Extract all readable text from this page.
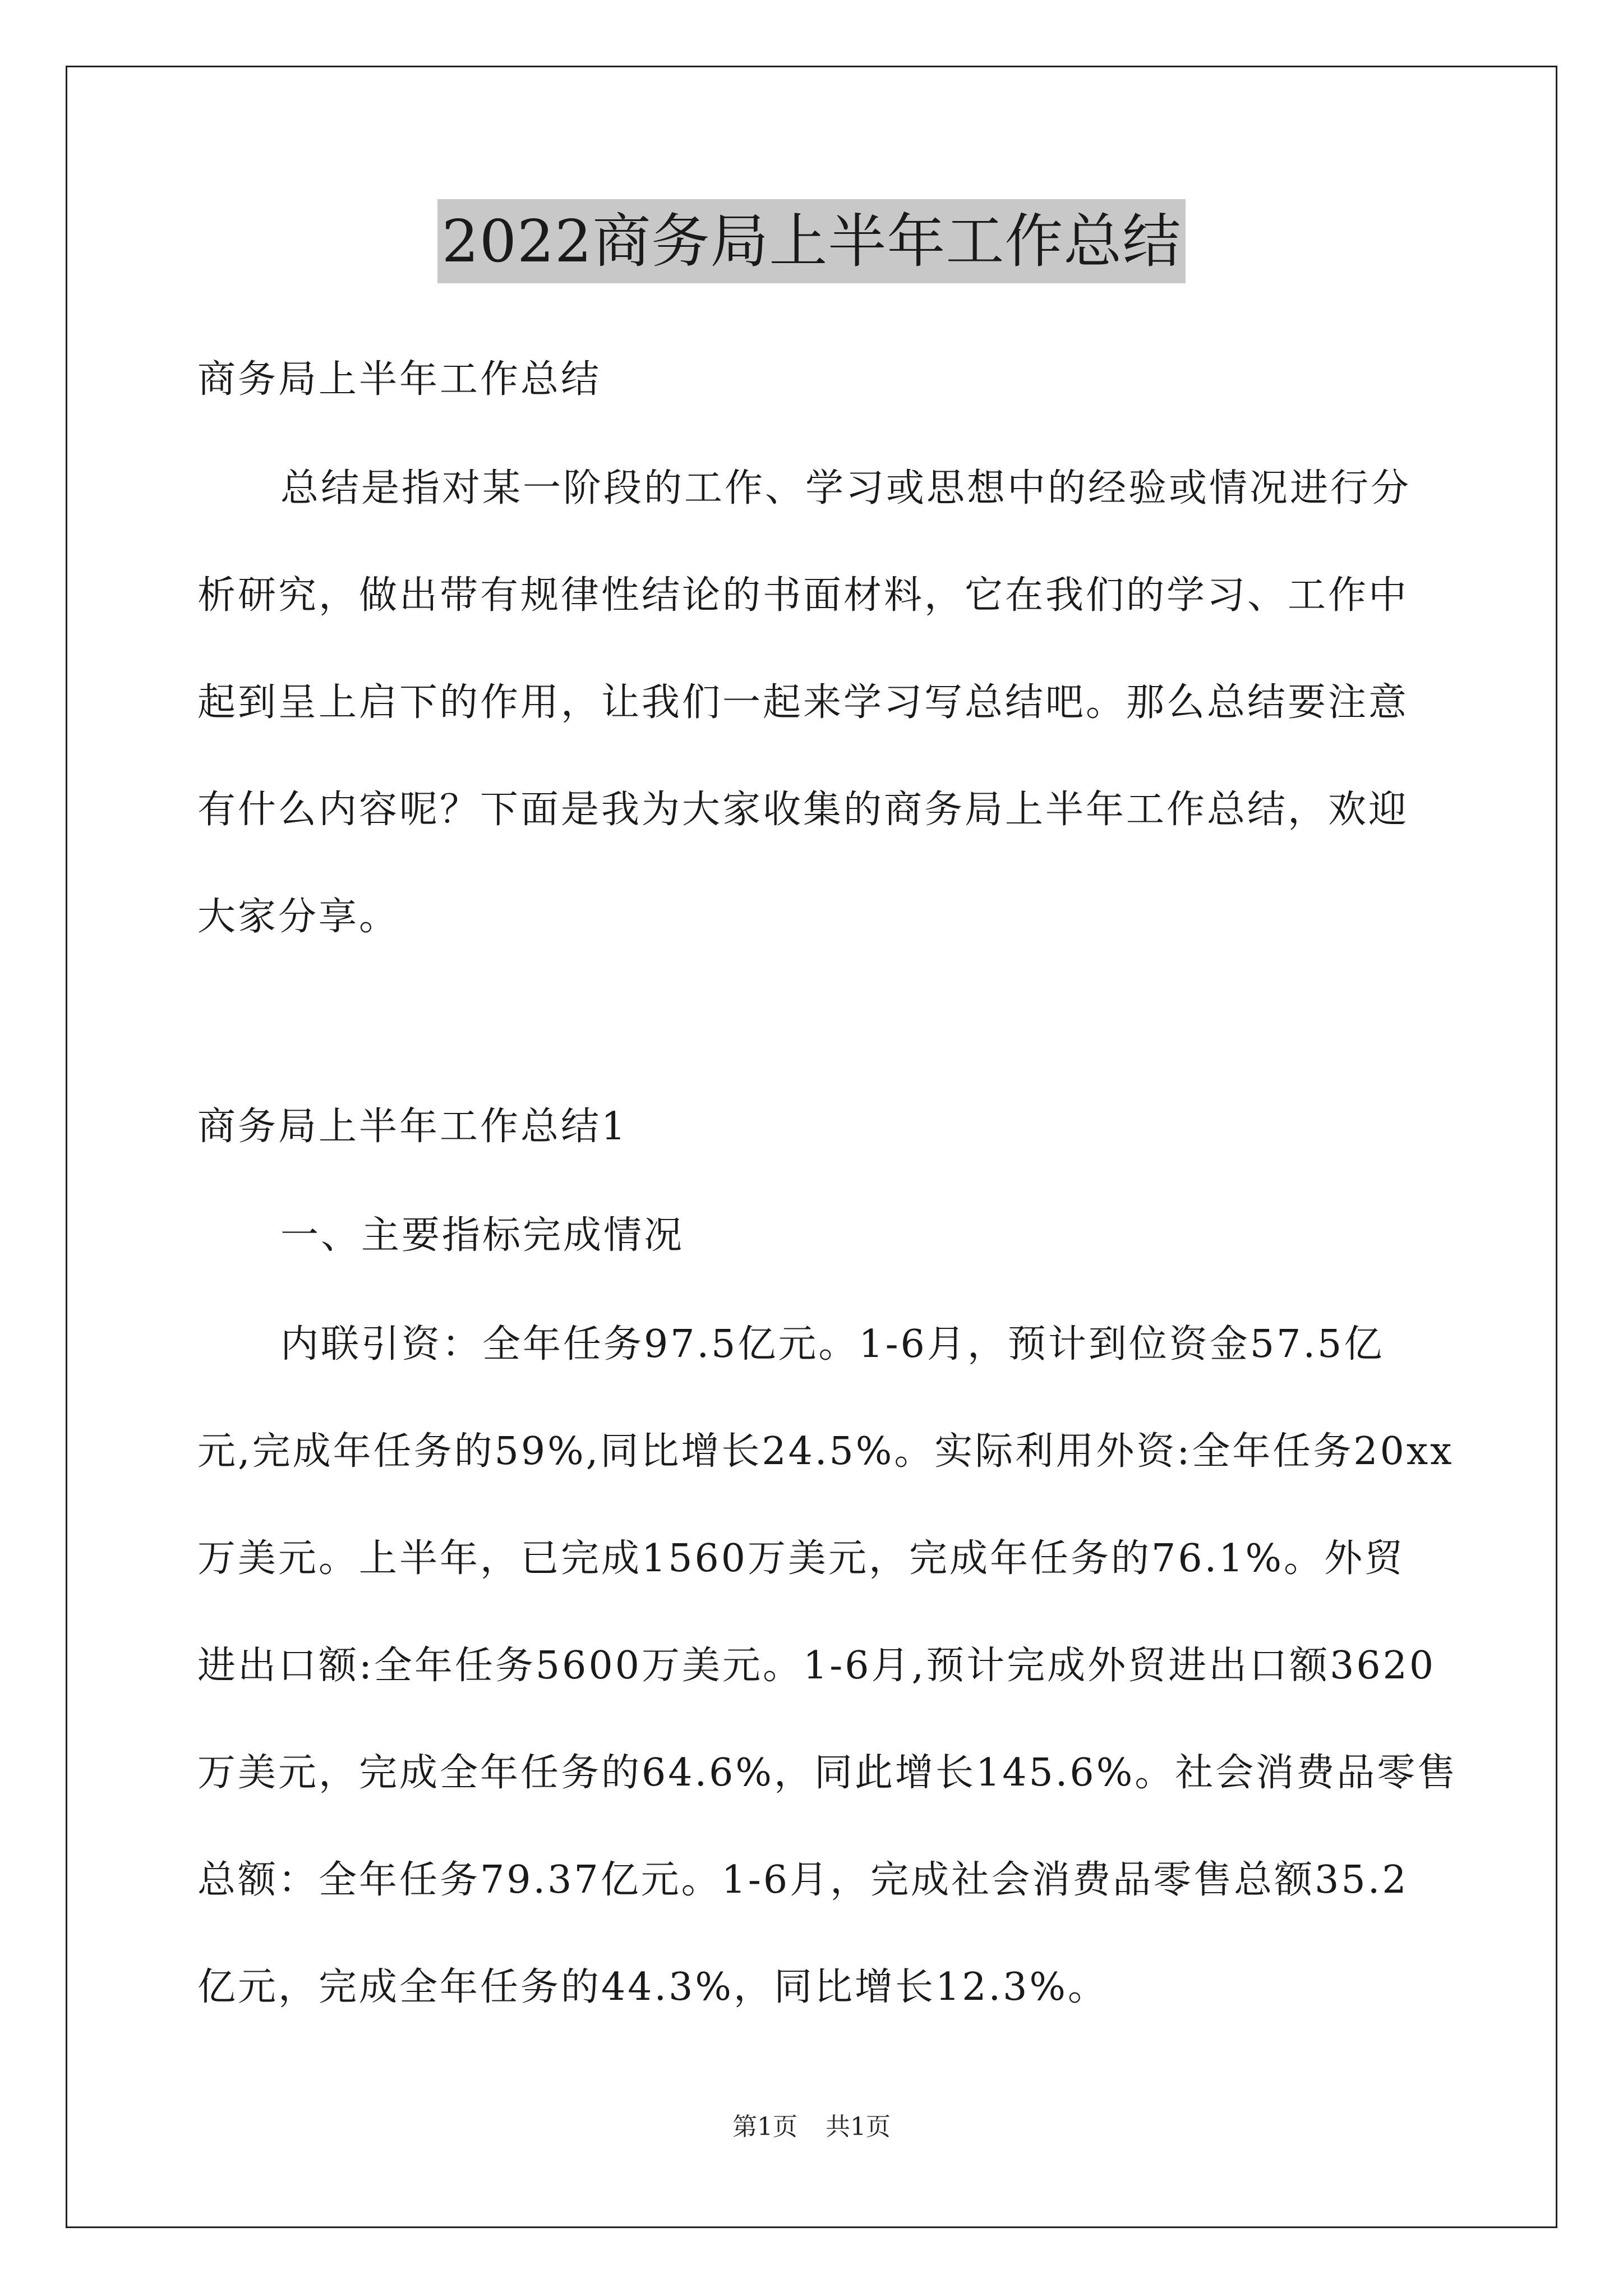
2022商务局上半年工作总结
商务局上半年工作总结
总结是指对某一阶段的工作、学习或思想中的经验或情况进行分
析研究，做出带有规律性结论的书面材料，它在我们的学习、工作中
起到呈上启下的作用，让我们一起来学习写总结吧。那么总结要注意
有什么内容呢？下面是我为大家收集的商务局上半年工作总结，欢迎
大家分享。
商务局上半年工作总结1
一、主要指标完成情况
内联引资：全年任务97.5亿元。1-6月，预计到位资金57.5亿
元,完成年任务的59%,同比增长24.5%。实际利用外资:全年任务20xx
万美元。上半年，已完成1560万美元，完成年任务的76.1%。外贸
进出口额:全年任务5600万美元。1-6月,预计完成外贸进出口额3620
万美元，完成全年任务的64.6%，同此增长145.6%。社会消费品零售
总额：全年任务79.37亿元。1-6月，完成社会消费品零售总额35.2
亿元，完成全年任务的44.3%，同比增长12.3%。
第1页 共1页
